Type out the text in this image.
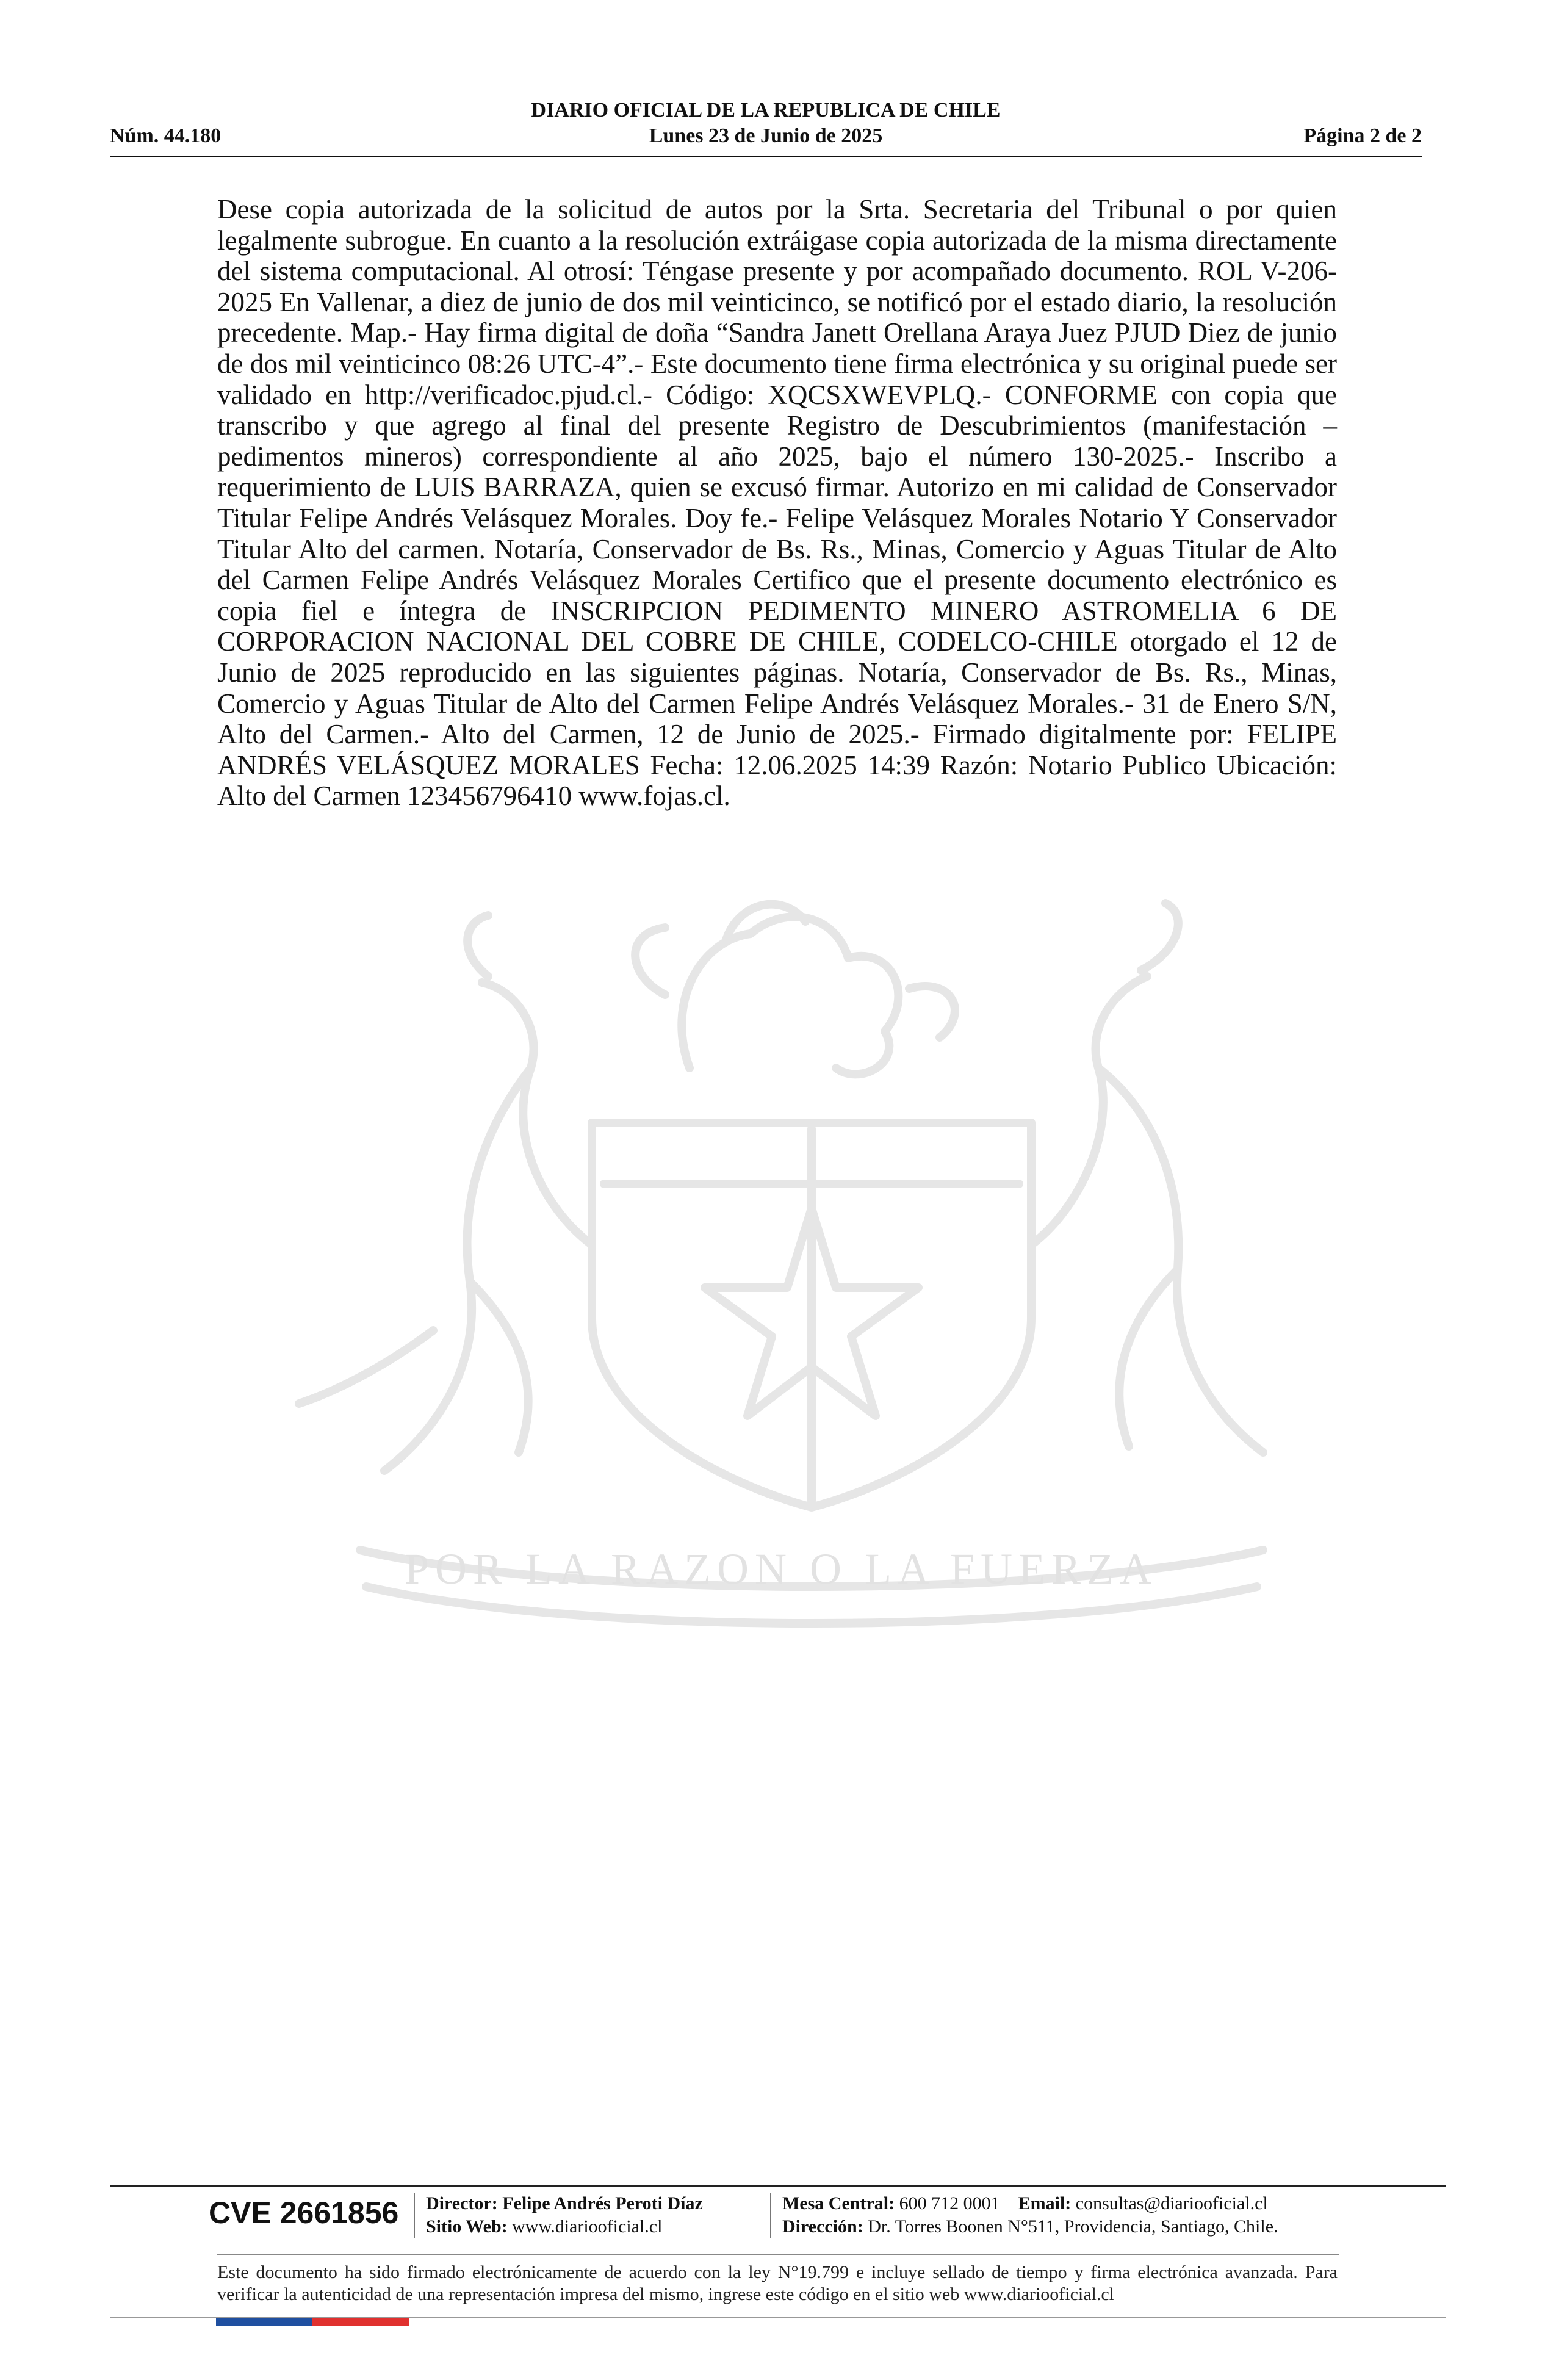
DIARIO OFICIAL DE LA REPUBLICA DE CHILE
Núm. 44.180	Lunes 23 de Junio de 2025	Página 2 de 2
Dese copia autorizada de la solicitud de autos por la Srta. Secretaria del Tribunal o por quien legalmente subrogue. En cuanto a la resolución extráigase copia autorizada de la misma directamente del sistema computacional. Al otrosí: Téngase presente y por acompañado documento. ROL V-206-2025 En Vallenar, a diez de junio de dos mil veinticinco, se notificó por el estado diario, la resolución precedente. Map.- Hay firma digital de doña “Sandra Janett Orellana Araya Juez PJUD Diez de junio de dos mil veinticinco 08:26 UTC-4”.- Este documento tiene firma electrónica y su original puede ser validado en http://verificadoc.pjud.cl.- Código: XQCSXWEVPLQ.- CONFORME con copia que transcribo y que agrego al final del presente Registro de Descubrimientos (manifestación – pedimentos mineros) correspondiente al año 2025, bajo el número 130-2025.- Inscribo a requerimiento de LUIS BARRAZA, quien se excusó firmar. Autorizo en mi calidad de Conservador Titular Felipe Andrés Velásquez Morales. Doy fe.- Felipe Velásquez Morales Notario Y Conservador Titular Alto del carmen. Notaría, Conservador de Bs. Rs., Minas, Comercio y Aguas Titular de Alto del Carmen Felipe Andrés Velásquez Morales Certifico que el presente documento electrónico es copia fiel e íntegra de INSCRIPCION PEDIMENTO MINERO ASTROMELIA 6 DE CORPORACION NACIONAL DEL COBRE DE CHILE, CODELCO-CHILE otorgado el 12 de Junio de 2025 reproducido en las siguientes páginas. Notaría, Conservador de Bs. Rs., Minas, Comercio y Aguas Titular de Alto del Carmen Felipe Andrés Velásquez Morales.- 31 de Enero S/N, Alto del Carmen.- Alto del Carmen, 12 de Junio de 2025.- Firmado digitalmente por: FELIPE ANDRÉS VELÁSQUEZ MORALES Fecha: 12.06.2025 14:39 Razón: Notario Publico Ubicación: Alto del Carmen 123456796410 www.fojas.cl.
POR LA RAZON O LA FUERZA
CVE 2661856 Director: Felipe Andrés Peroti Díaz
Sitio Web: www.diariooficial.cl
Mesa Central: 600 712 0001 Email: consultas@diariooficial.cl
Dirección: Dr. Torres Boonen N°511, Providencia, Santiago, Chile.
Este documento ha sido firmado electrónicamente de acuerdo con la ley N°19.799 e incluye sellado de tiempo y firma electrónica avanzada. Para verificar la autenticidad de una representación impresa del mismo, ingrese este código en el sitio web www.diariooficial.cl
